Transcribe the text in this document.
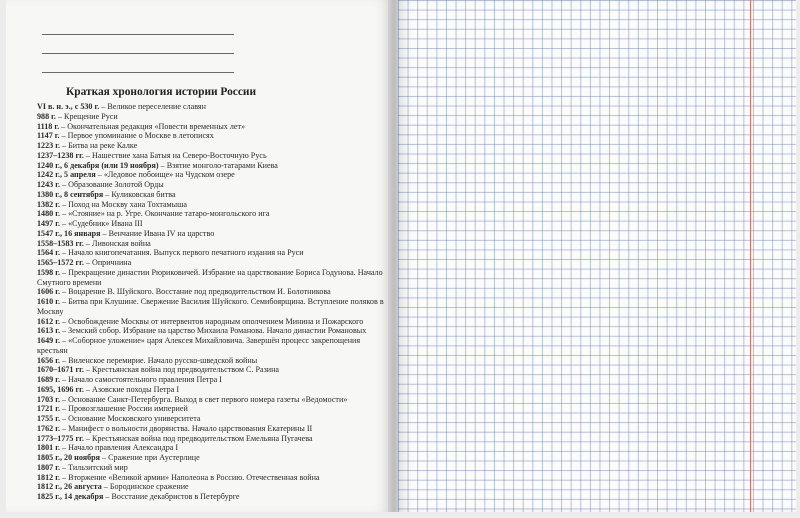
Краткая хронология истории России

VI в. н. э., с 530 г. – Великое переселение славян

988 г. – Крещение Руси

1118 г. – Окончательная редакция «Повести временных лет»

1147 г. – Первое упоминание о Москве в летописях

1223 г. – Битва на реке Калке

1237–1238 гг. – Нашествие хана Батыя на Северо-Восточную Русь

1240 г., 6 декабря (или 19 ноября) – Взятие монголо-татарами Киева

1242 г., 5 апреля – «Ледовое побоище» на Чудском озере

1243 г. – Образование Золотой Орды

1380 г., 8 сентября – Куликовская битва

1382 г. – Поход на Москву хана Тохтамыша

1480 г. – «Стояние» на р. Угре. Окончание татаро-монгольского ига

1497 г. – «Судебник» Ивана III

1547 г., 16 января – Венчание Ивана IV на царство

1558–1583 гг. – Ливонская война

1564 г. – Начало книгопечатания. Выпуск первого печатного издания на Руси

1565–1572 гг. – Опричнина

1598 г. – Прекращение династии Рюриковичей. Избрание на царствование Бориса Годунова. Начало Смутного времени

1606 г. – Воцарение В. Шуйского. Восстание под предводительством И. Болотникова

1610 г. – Битва при Клушине. Свержение Василия Шуйского. Семибоярщина. Вступление поляков в Москву

1612 г. – Освобождение Москвы от интервентов народным ополчением Минина и Пожарского

1613 г. – Земский собор. Избрание на царство Михаила Романова. Начало династии Романовых

1649 г. – «Соборное уложение» царя Алексея Михайловича. Завершён процесс закрепощения крестьян

1656 г. – Виленское перемирие. Начало русско-шведской войны

1670–1671 гг. – Крестьянская война под предводительством С. Разина

1689 г. – Начало самостоятельного правления Петра I

1695, 1696 гг. – Азовские походы Петра I

1703 г. – Основание Санкт-Петербурга. Выход в свет первого номера газеты «Ведомости»

1721 г. – Провозглашение России империей

1755 г. – Основание Московского университета

1762 г. – Манифест о вольности дворянства. Начало царствования Екатерины II

1773–1775 гг. – Крестьянская война под предводительством Емельяна Пугачева

1801 г. – Начало правления Александра I

1805 г., 20 ноября – Сражение при Аустерлице

1807 г. – Тильзитский мир

1812 г. – Вторжение «Великой армии» Наполеона в Россию. Отечественная война

1812 г., 26 августа – Бородинское сражение

1825 г., 14 декабря – Восстание декабристов в Петербурге
